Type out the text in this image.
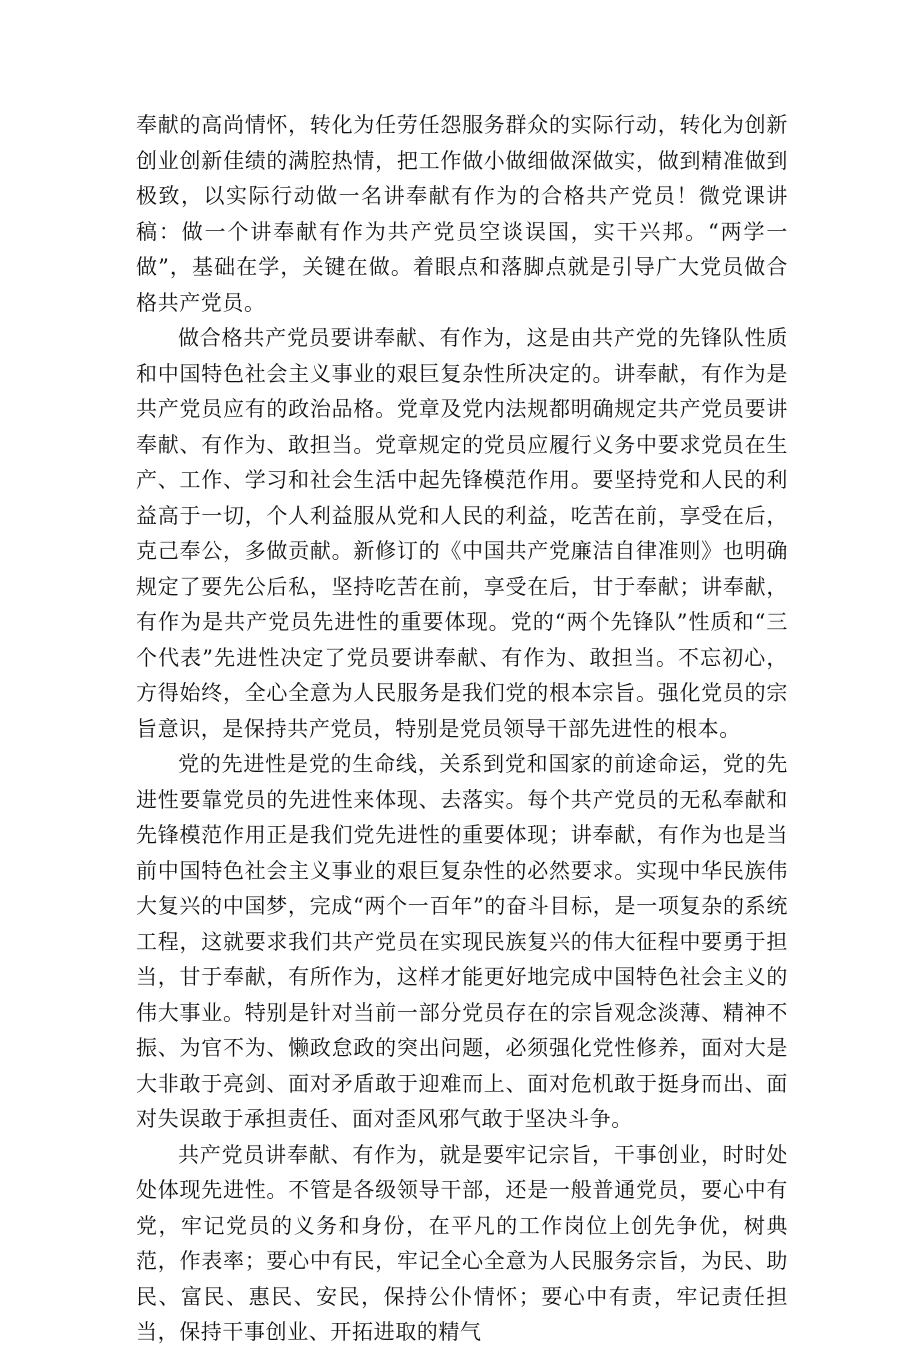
奉献的高尚情怀，转化为任劳任怨服务群众的实际行动，转化为创新创业创新佳绩的满腔热情，把工作做小做细做深做实，做到精准做到极致，以实际行动做一名讲奉献有作为的合格共产党员！微党课讲稿：做一个讲奉献有作为共产党员空谈误国，实干兴邦。“两学一做”，基础在学，关键在做。着眼点和落脚点就是引导广大党员做合格共产党员。

做合格共产党员要讲奉献、有作为，这是由共产党的先锋队性质和中国特色社会主义事业的艰巨复杂性所决定的。讲奉献，有作为是共产党员应有的政治品格。党章及党内法规都明确规定共产党员要讲奉献、有作为、敢担当。党章规定的党员应履行义务中要求党员在生产、工作、学习和社会生活中起先锋模范作用。要坚持党和人民的利益高于一切，个人利益服从党和人民的利益，吃苦在前，享受在后，克己奉公，多做贡献。新修订的《中国共产党廉洁自律准则》也明确规定了要先公后私，坚持吃苦在前，享受在后，甘于奉献；讲奉献，有作为是共产党员先进性的重要体现。党的“两个先锋队”性质和“三个代表”先进性决定了党员要讲奉献、有作为、敢担当。不忘初心，方得始终，全心全意为人民服务是我们党的根本宗旨。强化党员的宗旨意识，是保持共产党员，特别是党员领导干部先进性的根本。

党的先进性是党的生命线，关系到党和国家的前途命运，党的先进性要靠党员的先进性来体现、去落实。每个共产党员的无私奉献和先锋模范作用正是我们党先进性的重要体现；讲奉献，有作为也是当前中国特色社会主义事业的艰巨复杂性的必然要求。实现中华民族伟大复兴的中国梦，完成“两个一百年”的奋斗目标，是一项复杂的系统工程，这就要求我们共产党员在实现民族复兴的伟大征程中要勇于担当，甘于奉献，有所作为，这样才能更好地完成中国特色社会主义的伟大事业。特别是针对当前一部分党员存在的宗旨观念淡薄、精神不振、为官不为、懒政怠政的突出问题，必须强化党性修养，面对大是大非敢于亮剑、面对矛盾敢于迎难而上、面对危机敢于挺身而出、面对失误敢于承担责任、面对歪风邪气敢于坚决斗争。

共产党员讲奉献、有作为，就是要牢记宗旨，干事创业，时时处处体现先进性。不管是各级领导干部，还是一般普通党员，要心中有党，牢记党员的义务和身份，在平凡的工作岗位上创先争优，树典范，作表率；要心中有民，牢记全心全意为人民服务宗旨，为民、助民、富民、惠民、安民，保持公仆情怀；要心中有责，牢记责任担当，保持干事创业、开拓进取的精气
